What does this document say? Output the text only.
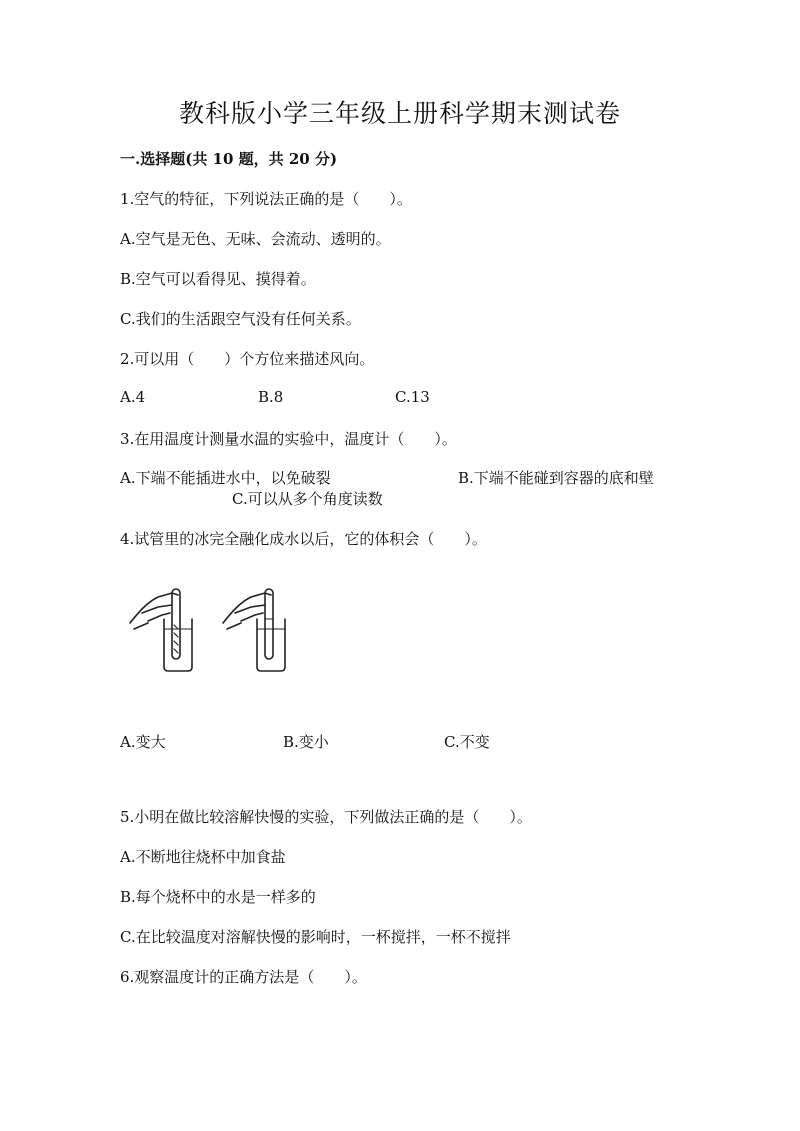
教科版小学三年级上册科学期末测试卷
一.选择题(共 10 题，共 20 分)
1.空气的特征，下列说法正确的是（　　）。
A.空气是无色、无味、会流动、透明的。
B.空气可以看得见、摸得着。
C.我们的生活跟空气没有任何关系。
2.可以用（　　）个方位来描述风向。
A.4	B.8	C.13
3.在用温度计测量水温的实验中，温度计（　　）。
A.下端不能插进水中，以免破裂	B.下端不能碰到容器的底和壁
C.可以从多个角度读数
4.试管里的冰完全融化成水以后，它的体积会（　　）。
A.变大	B.变小	C.不变
5.小明在做比较溶解快慢的实验，下列做法正确的是（　　）。
A.不断地往烧杯中加食盐
B.每个烧杯中的水是一样多的
C.在比较温度对溶解快慢的影响时，一杯搅拌，一杯不搅拌
6.观察温度计的正确方法是（　　）。
